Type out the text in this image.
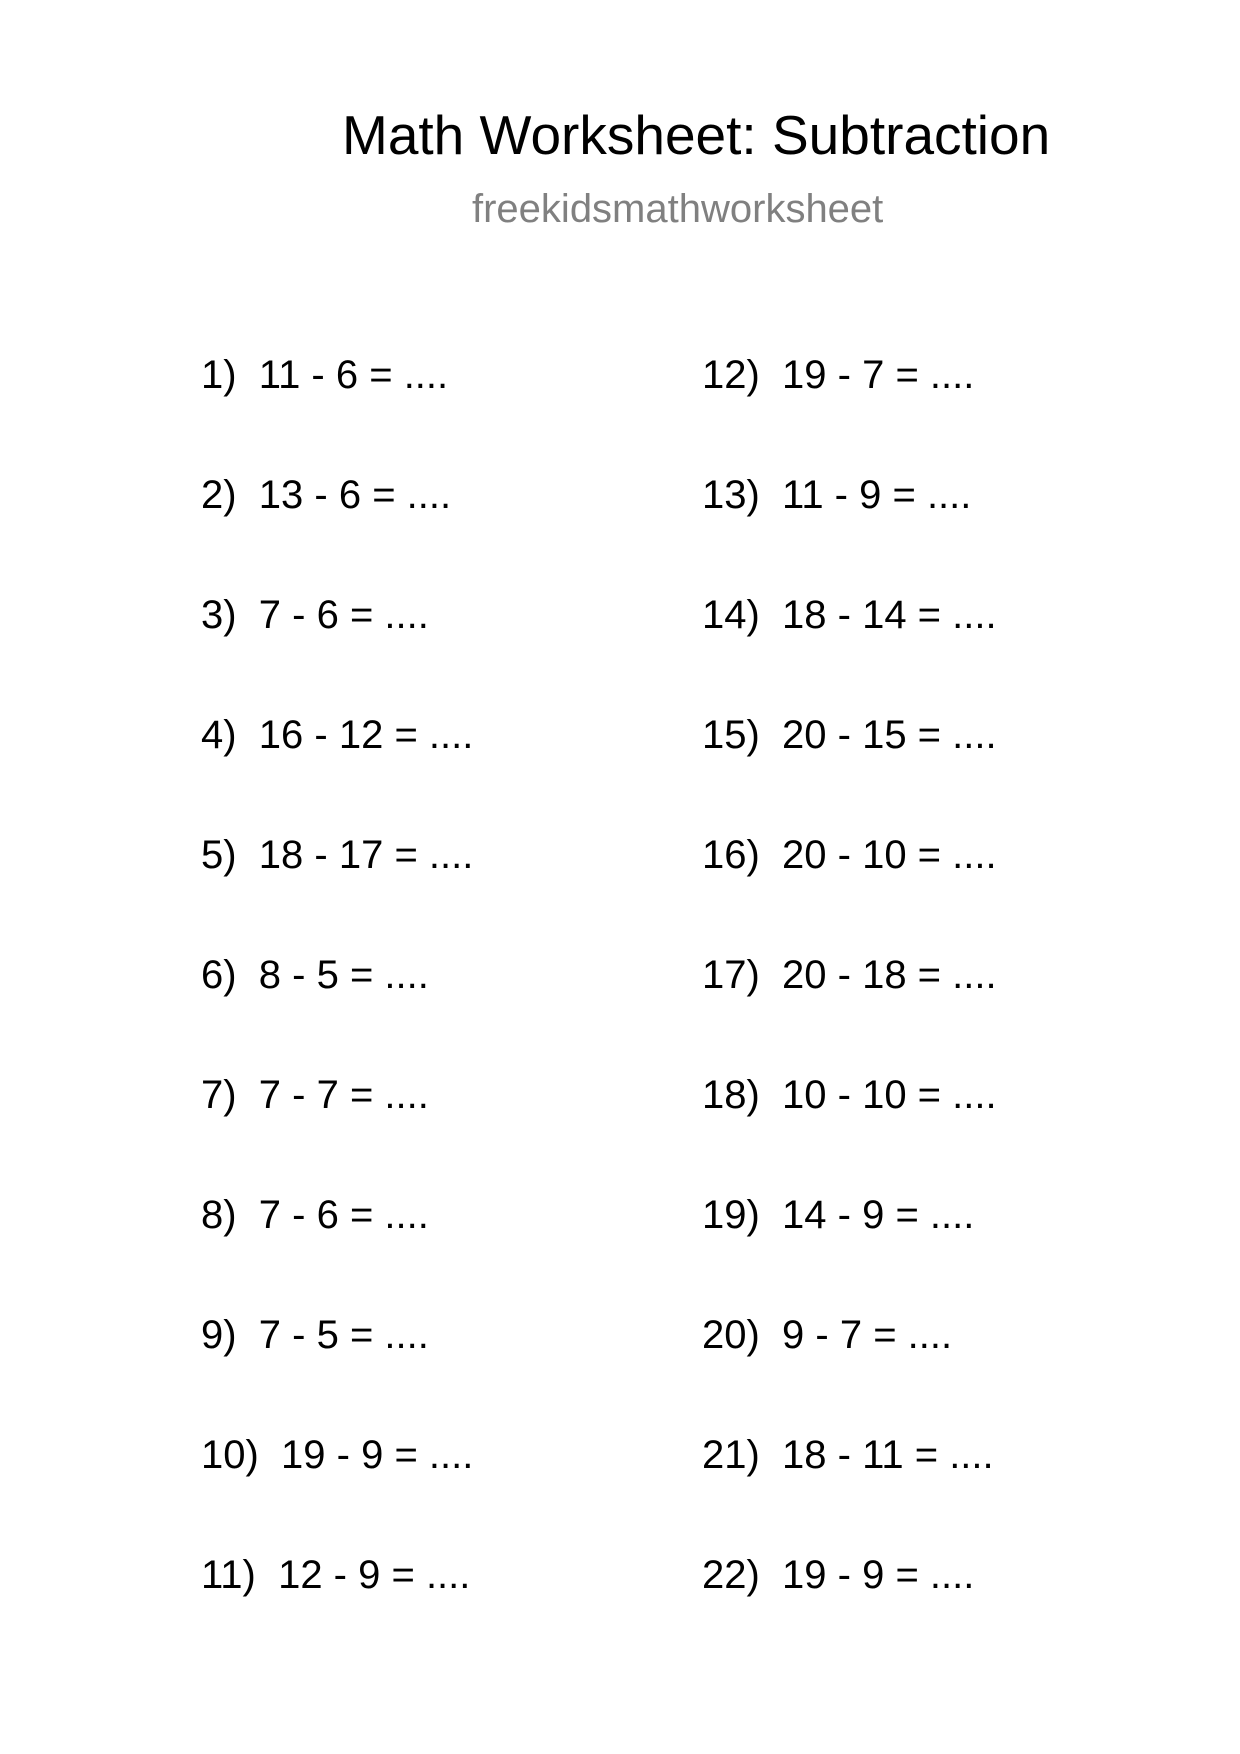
Math Worksheet: Subtraction
freekidsmathworksheet
1)  11 - 6 = ....
2)  13 - 6 = ....
3)  7 - 6 = ....
4)  16 - 12 = ....
5)  18 - 17 = ....
6)  8 - 5 = ....
7)  7 - 7 = ....
8)  7 - 6 = ....
9)  7 - 5 = ....
10)  19 - 9 = ....
11)  12 - 9 = ....
12)  19 - 7 = ....
13)  11 - 9 = ....
14)  18 - 14 = ....
15)  20 - 15 = ....
16)  20 - 10 = ....
17)  20 - 18 = ....
18)  10 - 10 = ....
19)  14 - 9 = ....
20)  9 - 7 = ....
21)  18 - 11 = ....
22)  19 - 9 = ....
